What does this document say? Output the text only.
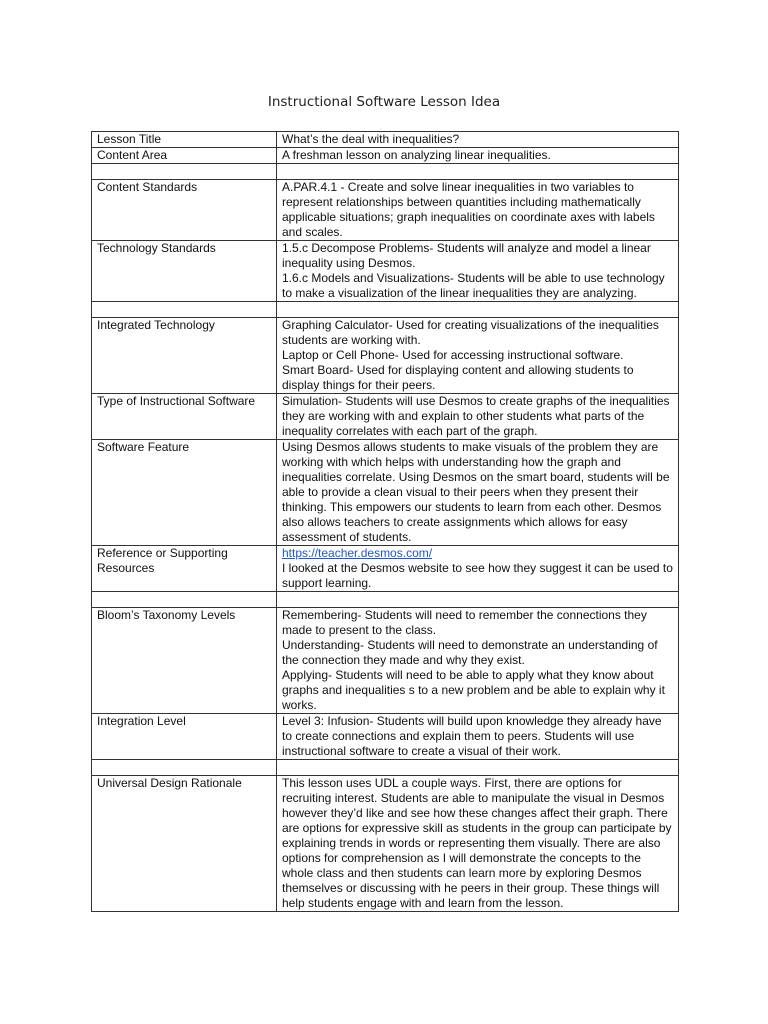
Instructional Software Lesson Idea
Lesson Title	What’s the deal with inequalities?

Content Area	A freshman lesson on analyzing linear inequalities.

Content Standards	A.PAR.4.1 - Create and solve linear inequalities in two variables to represent relationships between quantities including mathematically applicable situations; graph inequalities on coordinate axes with labels and scales.

Technology Standards	1.5.c Decompose Problems- Students will analyze and model a linear inequality using Desmos.
1.6.c Models and Visualizations- Students will be able to use technology to make a visualization of the linear inequalities they are analyzing.

Integrated Technology	Graphing Calculator- Used for creating visualizations of the inequalities students are working with.
Laptop or Cell Phone- Used for accessing instructional software.
Smart Board- Used for displaying content and allowing students to display things for their peers.

Type of Instructional Software	Simulation- Students will use Desmos to create graphs of the inequalities they are working with and explain to other students what parts of the inequality correlates with each part of the graph.

Software Feature	Using Desmos allows students to make visuals of the problem they are working with which helps with understanding how the graph and inequalities correlate. Using Desmos on the smart board, students will be able to provide a clean visual to their peers when they present their thinking. This empowers our students to learn from each other. Desmos also allows teachers to create assignments which allows for easy assessment of students.

Reference or Supporting Resources	https://teacher.desmos.com/
I looked at the Desmos website to see how they suggest it can be used to support learning.

Bloom’s Taxonomy Levels	Remembering- Students will need to remember the connections they made to present to the class.
Understanding- Students will need to demonstrate an understanding of the connection they made and why they exist.
Applying- Students will need to be able to apply what they know about graphs and inequalities s to a new problem and be able to explain why it works.

Integration Level	Level 3: Infusion- Students will build upon knowledge they already have to create connections and explain them to peers. Students will use instructional software to create a visual of their work.

Universal Design Rationale	This lesson uses UDL a couple ways. First, there are options for recruiting interest. Students are able to manipulate the visual in Desmos however they’d like and see how these changes affect their graph. There are options for expressive skill as students in the group can participate by explaining trends in words or representing them visually. There are also options for comprehension as I will demonstrate the concepts to the whole class and then students can learn more by exploring Desmos themselves or discussing with he peers in their group. These things will help students engage with and learn from the lesson.
